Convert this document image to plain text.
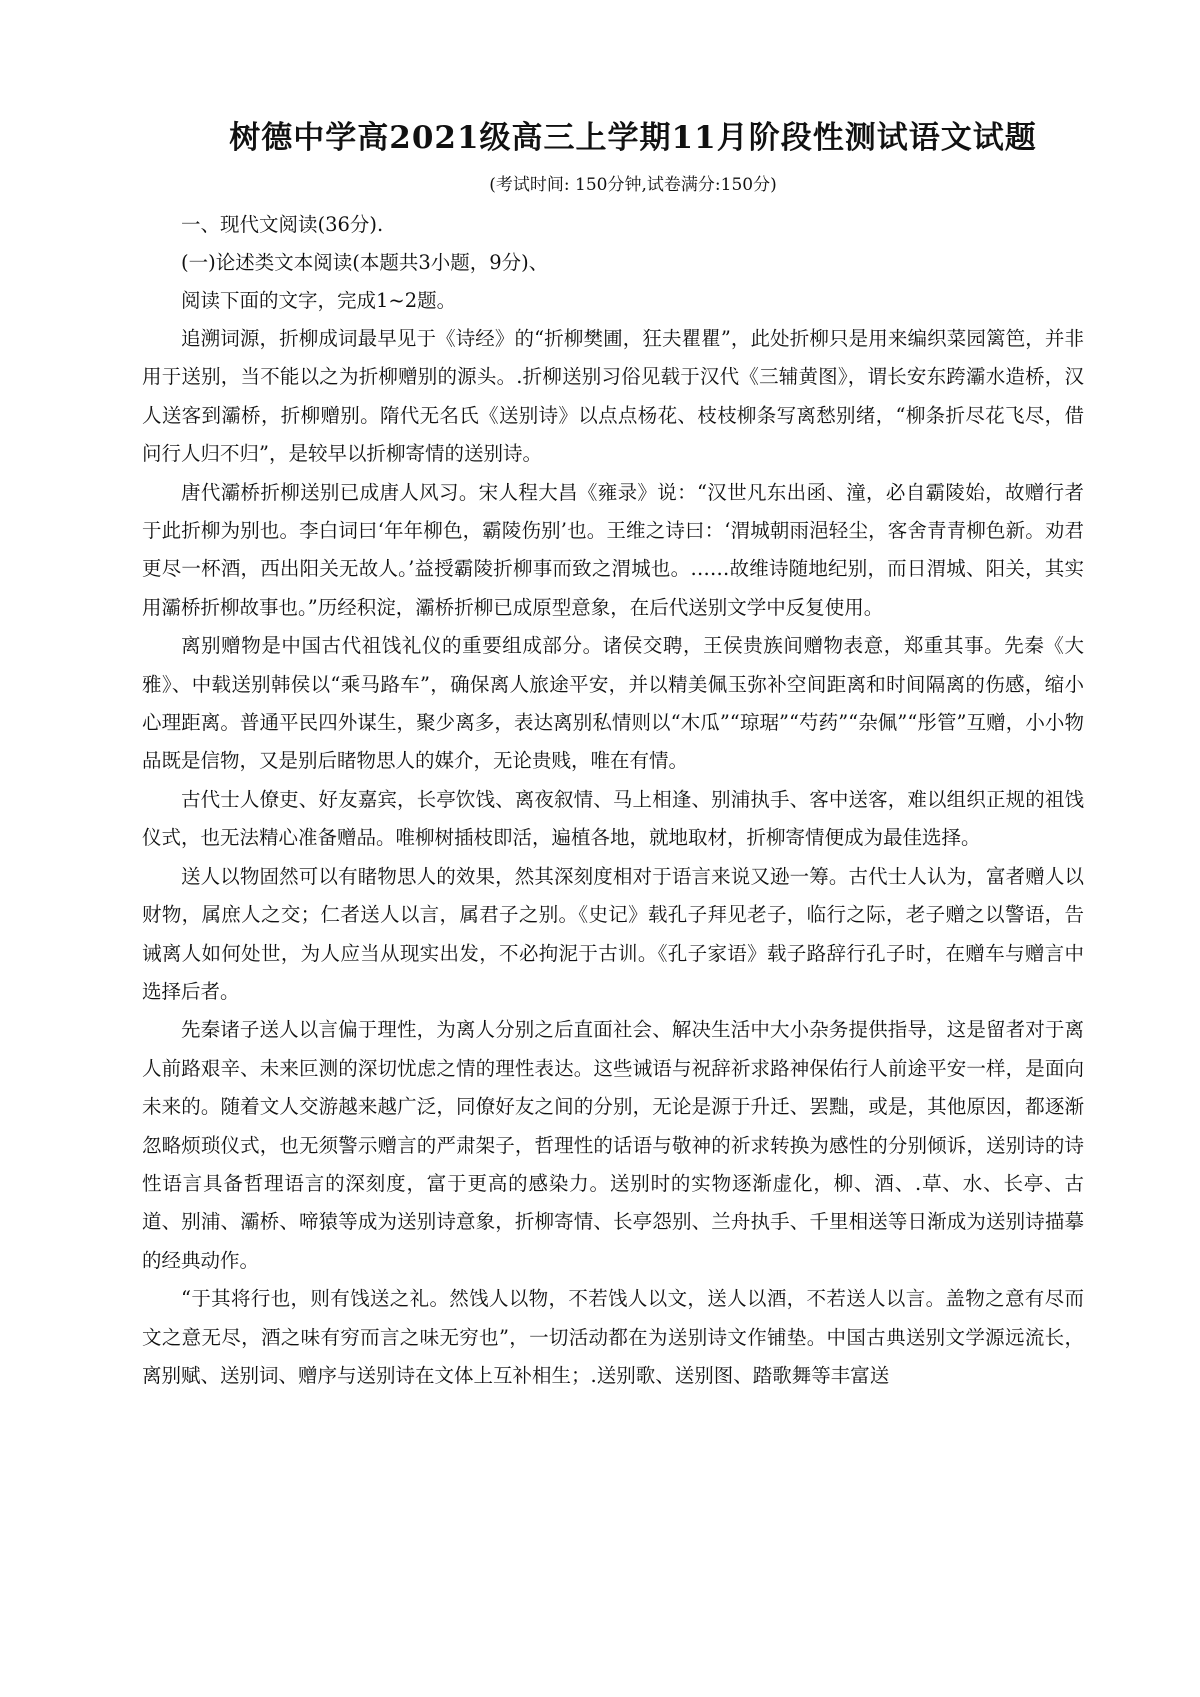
树德中学高2021级高三上学期11月阶段性测试语文试题
(考试时间: 150分钟,试卷满分:150分)

一、现代文阅读(36分).

(一)论述类文本阅读(本题共3小题，9分)、

阅读下面的文字，完成1~2题。

追溯词源，折柳成词最早见于《诗经》的“折柳樊圃，狂夫瞿瞿”，此处折柳只是用来编织菜园篱笆，并非用于送别，当不能以之为折柳赠别的源头。.折柳送别习俗见载于汉代《三辅黄图》，谓长安东跨灞水造桥，汉人送客到灞桥，折柳赠别。隋代无名氏《送别诗》以点点杨花、枝枝柳条写离愁别绪，“柳条折尽花飞尽，借问行人归不归”，是较早以折柳寄情的送别诗。

唐代灞桥折柳送别已成唐人风习。宋人程大昌《雍录》说：“汉世凡东出函、潼，必自霸陵始，故赠行者于此折柳为别也。李白词曰‘年年柳色，霸陵伤别’也。王维之诗曰：‘渭城朝雨浥轻尘，客舍青青柳色新。劝君更尽一杯酒，西出阳关无故人。’益授霸陵折柳事而致之渭城也。……故维诗随地纪别，而日渭城、阳关，其实用灞桥折柳故事也。”历经积淀，灞桥折柳已成原型意象，在后代送别文学中反复使用。

离别赠物是中国古代祖饯礼仪的重要组成部分。诸侯交聘，王侯贵族间赠物表意，郑重其事。先秦《大雅》、中载送别韩侯以“乘马路车”，确保离人旅途平安，并以精美佩玉弥补空间距离和时间隔离的伤感，缩小心理距离。普通平民四外谋生，聚少离多，表达离别私情则以“木瓜”“琼琚”“芍药”“杂佩”“彤管”互赠，小小物品既是信物，又是别后睹物思人的媒介，无论贵贱，唯在有情。

古代士人僚吏、好友嘉宾，长亭饮饯、离夜叙情、马上相逢、别浦执手、客中送客，难以组织正规的祖饯仪式，也无法精心准备赠品。唯柳树插枝即活，遍植各地，就地取材，折柳寄情便成为最佳选择。

送人以物固然可以有睹物思人的效果，然其深刻度相对于语言来说又逊一筹。古代士人认为，富者赠人以财物，属庶人之交；仁者送人以言，属君子之别。《史记》载孔子拜见老子，临行之际，老子赠之以警语，告诫离人如何处世，为人应当从现实出发，不必拘泥于古训。《孔子家语》载子路辞行孔子时，在赠车与赠言中选择后者。

先秦诸子送人以言偏于理性，为离人分别之后直面社会、解决生活中大小杂务提供指导，这是留者对于离人前路艰辛、未来叵测的深切忧虑之情的理性表达。这些诫语与祝辞祈求路神保佑行人前途平安一样，是面向未来的。随着文人交游越来越广泛，同僚好友之间的分别，无论是源于升迁、罢黜，或是，其他原因，都逐渐忽略烦琐仪式，也无须警示赠言的严肃架子，哲理性的话语与敬神的祈求转换为感性的分别倾诉，送别诗的诗性语言具备哲理语言的深刻度，富于更高的感染力。送别时的实物逐渐虚化，柳、酒、.草、水、长亭、古道、别浦、灞桥、啼猿等成为送别诗意象，折柳寄情、长亭怨别、兰舟执手、千里相送等日渐成为送别诗描摹的经典动作。

“于其将行也，则有饯送之礼。然饯人以物，不若饯人以文，送人以酒，不若送人以言。盖物之意有尽而文之意无尽，酒之味有穷而言之味无穷也”，一切活动都在为送别诗文作铺垫。中国古典送别文学源远流长，离别赋、送别词、赠序与送别诗在文体上互补相生；.送别歌、送别图、踏歌舞等丰富送
